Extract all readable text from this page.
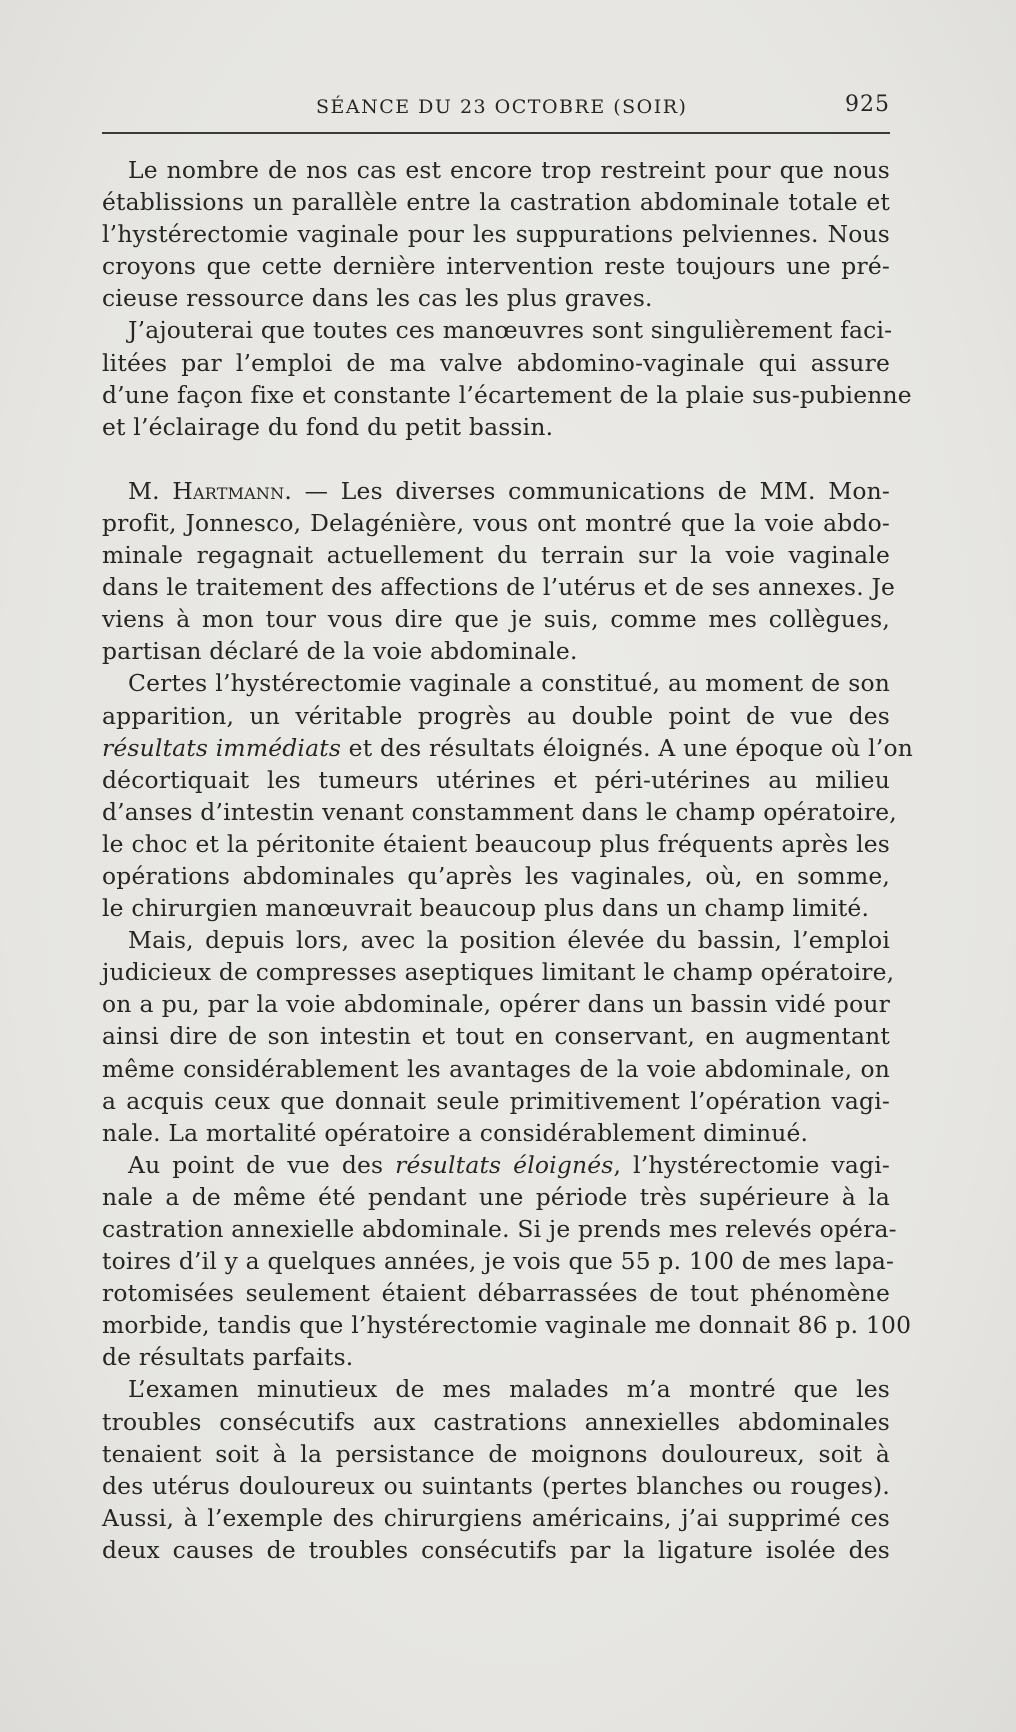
SÉANCE DU 23 OCTOBRE (SOIR)	925
Le nombre de nos cas est encore trop restreint pour que nous
établissions un parallèle entre la castration abdominale totale et
l’hystérectomie vaginale pour les suppurations pelviennes. Nous
croyons que cette dernière intervention reste toujours une pré-
cieuse ressource dans les cas les plus graves.
J’ajouterai que toutes ces manœuvres sont singulièrement faci-
litées par l’emploi de ma valve abdomino-vaginale qui assure
d’une façon fixe et constante l’écartement de la plaie sus-pubienne
et l’éclairage du fond du petit bassin.
M. Hartmann. — Les diverses communications de MM. Mon-
profit, Jonnesco, Delagénière, vous ont montré que la voie abdo-
minale regagnait actuellement du terrain sur la voie vaginale
dans le traitement des affections de l’utérus et de ses annexes. Je
viens à mon tour vous dire que je suis, comme mes collègues,
partisan déclaré de la voie abdominale.
Certes l’hystérectomie vaginale a constitué, au moment de son
apparition, un véritable progrès au double point de vue des
résultats immédiats et des résultats éloignés. A une époque où l’on
décortiquait les tumeurs utérines et péri-utérines au milieu
d’anses d’intestin venant constamment dans le champ opératoire,
le choc et la péritonite étaient beaucoup plus fréquents après les
opérations abdominales qu’après les vaginales, où, en somme,
le chirurgien manœuvrait beaucoup plus dans un champ limité.
Mais, depuis lors, avec la position élevée du bassin, l’emploi
judicieux de compresses aseptiques limitant le champ opératoire,
on a pu, par la voie abdominale, opérer dans un bassin vidé pour
ainsi dire de son intestin et tout en conservant, en augmentant
même considérablement les avantages de la voie abdominale, on
a acquis ceux que donnait seule primitivement l’opération vagi-
nale. La mortalité opératoire a considérablement diminué.
Au point de vue des résultats éloignés, l’hystérectomie vagi-
nale a de même été pendant une période très supérieure à la
castration annexielle abdominale. Si je prends mes relevés opéra-
toires d’il y a quelques années, je vois que 55 p. 100 de mes lapa-
rotomisées seulement étaient débarrassées de tout phénomène
morbide, tandis que l’hystérectomie vaginale me donnait 86 p. 100
de résultats parfaits.
L’examen minutieux de mes malades m’a montré que les
troubles consécutifs aux castrations annexielles abdominales
tenaient soit à la persistance de moignons douloureux, soit à
des utérus douloureux ou suintants (pertes blanches ou rouges).
Aussi, à l’exemple des chirurgiens américains, j’ai supprimé ces
deux causes de troubles consécutifs par la ligature isolée des
